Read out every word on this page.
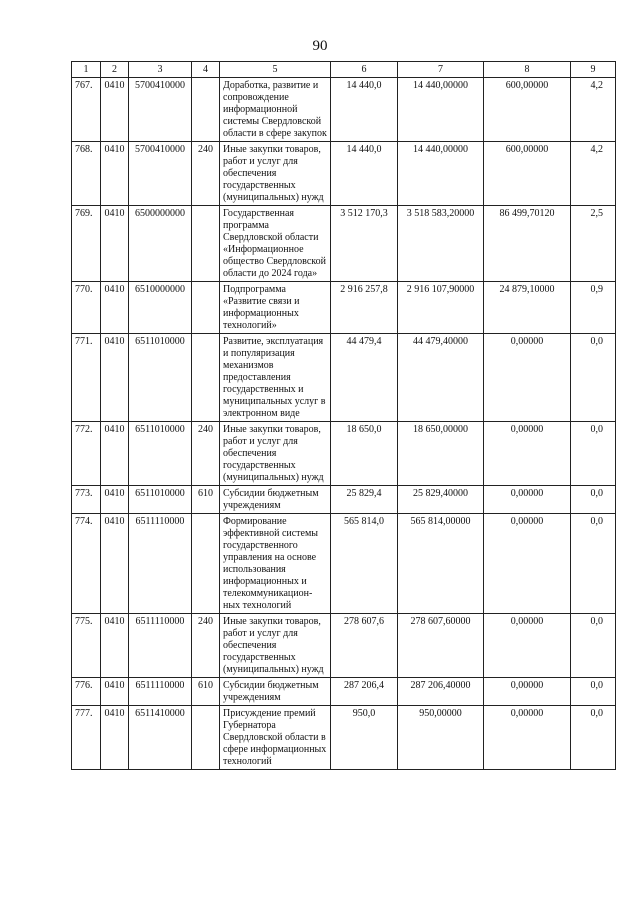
90
1	2	3	4	5	6	7	8	9
767.	0410	5700410000		Доработка, развитие и сопровождение информационной системы Свердловской области в сфере закупок	14 440,0	14 440,00000	600,00000	4,2
768.	0410	5700410000	240	Иные закупки товаров, работ и услуг для обеспечения государственных (муниципальных) нужд	14 440,0	14 440,00000	600,00000	4,2
769.	0410	6500000000		Государственная программа Свердловской области «Информационное общество Свердловской области до 2024 года»	3 512 170,3	3 518 583,20000	86 499,70120	2,5
770.	0410	6510000000		Подпрограмма «Развитие связи и информационных технологий»	2 916 257,8	2 916 107,90000	24 879,10000	0,9
771.	0410	6511010000		Развитие, эксплуатация и популяризация механизмов предоставления государственных и муниципальных услуг в электронном виде	44 479,4	44 479,40000	0,00000	0,0
772.	0410	6511010000	240	Иные закупки товаров, работ и услуг для обеспечения государственных (муниципальных) нужд	18 650,0	18 650,00000	0,00000	0,0
773.	0410	6511010000	610	Субсидии бюджетным учреждениям	25 829,4	25 829,40000	0,00000	0,0
774.	0410	6511110000		Формирование эффективной системы государственного управления на основе использования информационных и телекоммуникацион-ных технологий	565 814,0	565 814,00000	0,00000	0,0
775.	0410	6511110000	240	Иные закупки товаров, работ и услуг для обеспечения государственных (муниципальных) нужд	278 607,6	278 607,60000	0,00000	0,0
776.	0410	6511110000	610	Субсидии бюджетным учреждениям	287 206,4	287 206,40000	0,00000	0,0
777.	0410	6511410000		Присуждение премий Губернатора Свердловской области в сфере информационных технологий	950,0	950,00000	0,00000	0,0
